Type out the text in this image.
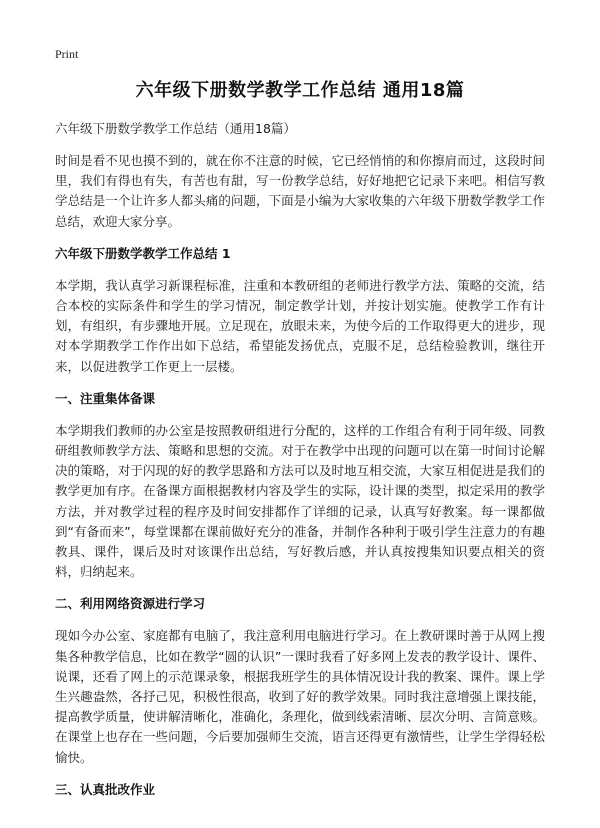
Print
六年级下册数学教学工作总结 通用18篇
六年级下册数学教学工作总结（通用18篇）

时间是看不见也摸不到的，就在你不注意的时候，它已经悄悄的和你擦肩而过，这段时间里，我们有得也有失，有苦也有甜，写一份教学总结，好好地把它记录下来吧。相信写教学总结是一个让许多人都头痛的问题，下面是小编为大家收集的六年级下册数学教学工作总结，欢迎大家分享。

六年级下册数学教学工作总结 1

本学期，我认真学习新课程标准，注重和本教研组的老师进行教学方法、策略的交流，结合本校的实际条件和学生的学习情况，制定教学计划，并按计划实施。使教学工作有计划，有组织，有步骤地开展。立足现在，放眼未来，为使今后的工作取得更大的进步，现对本学期教学工作作出如下总结，希望能发扬优点，克服不足，总结检验教训，继往开来，以促进教学工作更上一层楼。

一、注重集体备课

本学期我们教师的办公室是按照教研组进行分配的，这样的工作组合有利于同年级、同教研组教师教学方法、策略和思想的交流。对于在教学中出现的问题可以在第一时间讨论解决的策略，对于闪现的好的教学思路和方法可以及时地互相交流，大家互相促进是我们的教学更加有序。在备课方面根据教材内容及学生的实际，设计课的类型，拟定采用的教学方法，并对教学过程的程序及时间安排都作了详细的记录，认真写好教案。每一课都做到“有备而来”，每堂课都在课前做好充分的准备，并制作各种利于吸引学生注意力的有趣教具、课件，课后及时对该课作出总结，写好教后感，并认真按搜集知识要点相关的资料，归纳起来。

二、利用网络资源进行学习

现如今办公室、家庭都有电脑了，我注意利用电脑进行学习。在上教研课时善于从网上搜集各种教学信息，比如在教学“圆的认识”一课时我看了好多网上发表的教学设计、课件、说课，还看了网上的示范课录象，根据我班学生的具体情况设计我的教案、课件。课上学生兴趣盎然，各抒己见，积极性很高，收到了好的教学效果。同时我注意增强上课技能，提高教学质量，使讲解清晰化，准确化，条理化，做到线索清晰、层次分明、言简意赅。在课堂上也存在一些问题，今后要加强师生交流，语言还得更有激情些，让学生学得轻松愉快。

三、认真批改作业
